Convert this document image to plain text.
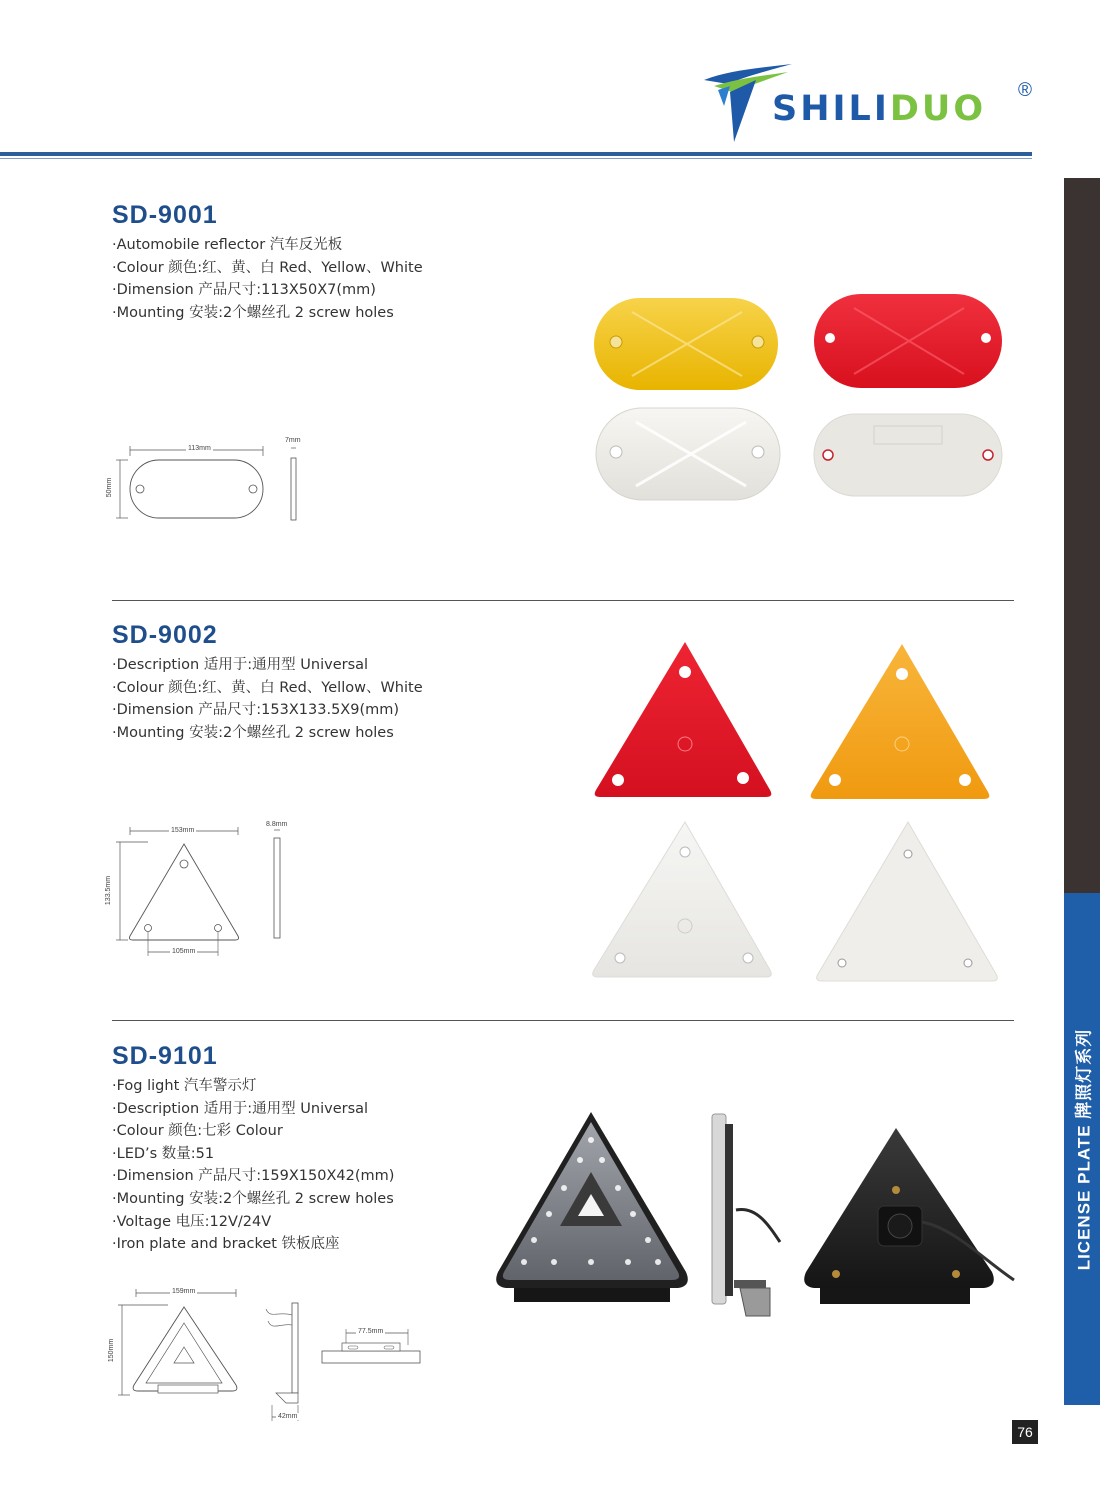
SHILIDUO ®
LICENSE PLATE 牌照灯系列
76
SD-9001
·Automobile reflector 汽车反光板
·Colour 颜色:红、黄、白 Red、Yellow、White
·Dimension 产品尺寸:113X50X7(mm)
·Mounting 安装:2个螺丝孔 2 screw holes
113mm
50mm
7mm
SD-9002
·Description 适用于:通用型 Universal
·Colour 颜色:红、黄、白 Red、Yellow、White
·Dimension 产品尺寸:153X133.5X9(mm)
·Mounting 安装:2个螺丝孔 2 screw holes
153mm
133.5mm
105mm
8.8mm
SD-9101
·Fog light 汽车警示灯
·Description 适用于:通用型 Universal
·Colour 颜色:七彩 Colour
·LED’s 数量:51
·Dimension 产品尺寸:159X150X42(mm)
·Mounting 安装:2个螺丝孔 2 screw holes
·Voltage 电压:12V/24V
·Iron plate and bracket 铁板底座
159mm
150mm
42mm
77.5mm
